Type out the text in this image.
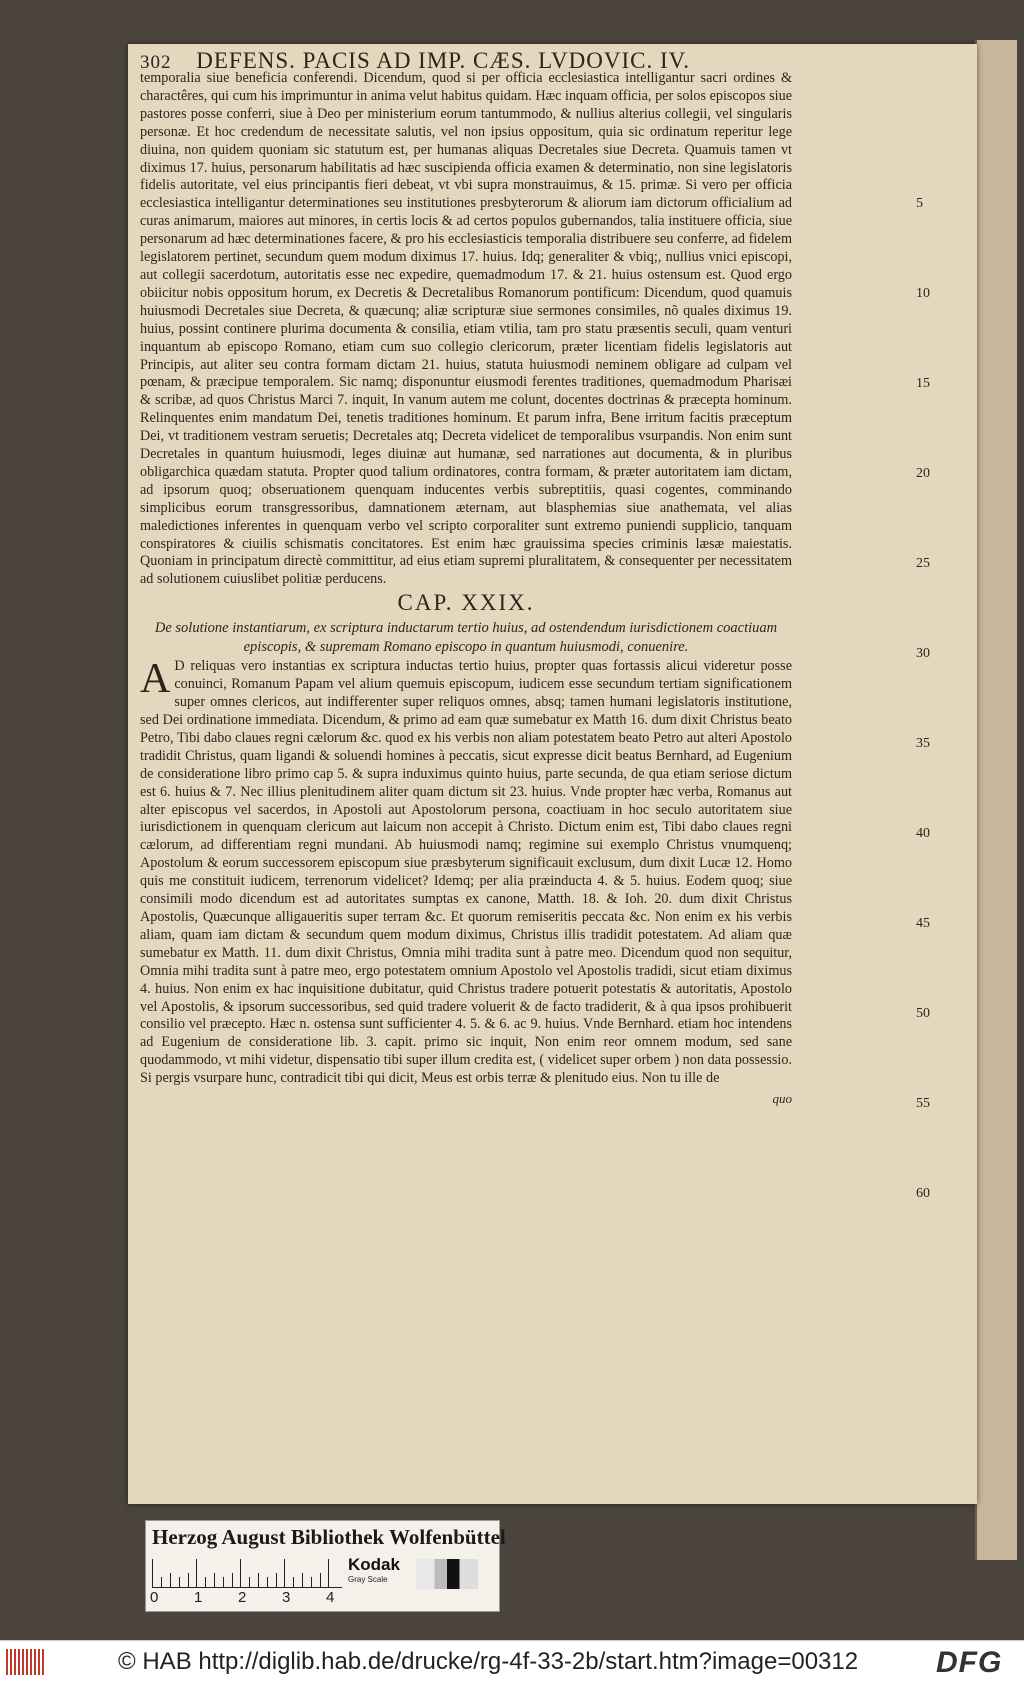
302 DEFENS. PACIS AD IMP. CÆS. LVDOVIC. IV.

temporalia siue beneficia conferendi. Dicendum, quod si per officia ecclesiastica intelligantur sacri ordines & charactêres, qui cum his imprimuntur in anima velut habitus quidam. Hæc inquam officia, per solos episcopos siue pastores posse conferri, siue à Deo per ministerium eorum tantummodo, & nullius alterius collegii, vel singularis personæ. Et hoc credendum de necessitate salutis, vel non ipsius oppositum, quia sic ordinatum reperitur lege diuina, non quidem quoniam sic statutum est, per humanas aliquas Decretales siue Decreta. Quamuis tamen vt diximus 17. huius, personarum habilitatis ad hæc suscipienda officia examen & determinatio, non sine legislatoris fidelis autoritate, vel eius principantis fieri debeat, vt vbi supra monstrauimus, & 15. primæ. Si vero per officia ecclesiastica intelligantur determinationes seu institutiones presbyterorum & aliorum iam dictorum officialium ad curas animarum, maiores aut minores, in certis locis & ad certos populos gubernandos, talia instituere officia, siue personarum ad hæc determinationes facere, & pro his ecclesiasticis temporalia distribuere seu conferre, ad fidelem legislatorem pertinet, secundum quem modum diximus 17. huius. Idq; generaliter & vbiq;, nullius vnici episcopi, aut collegii sacerdotum, autoritatis esse nec expedire, quemadmodum 17. & 21. huius ostensum est. Quod ergo obiicitur nobis oppositum horum, ex Decretis & Decretalibus Romanorum pontificum: Dicendum, quod quamuis huiusmodi Decretales siue Decreta, & quæcunq; aliæ scripturæ siue sermones consimiles, nõ quales diximus 19. huius, possint continere plurima documenta & consilia, etiam vtilia, tam pro statu præsentis seculi, quam venturi inquantum ab episcopo Romano, etiam cum suo collegio clericorum, præter licentiam fidelis legislatoris aut Principis, aut aliter seu contra formam dictam 21. huius, statuta huiusmodi neminem obligare ad culpam vel pœnam, & præcipue temporalem. Sic namq; disponuntur eiusmodi ferentes traditiones, quemadmodum Pharisæi & scribæ, ad quos Christus Marci 7. inquit, In vanum autem me colunt, docentes doctrinas & præcepta hominum. Relinquentes enim mandatum Dei, tenetis traditiones hominum. Et parum infra, Bene irritum facitis præceptum Dei, vt traditionem vestram seruetis; Decretales atq; Decreta videlicet de temporalibus vsurpandis. Non enim sunt Decretales in quantum huiusmodi, leges diuinæ aut humanæ, sed narrationes aut documenta, & in pluribus obligarchica quædam statuta. Propter quod talium ordinatores, contra formam, & præter autoritatem iam dictam, ad ipsorum quoq; obseruationem quenquam inducentes verbis subreptitiis, quasi cogentes, comminando simplicibus eorum transgressoribus, damnationem æternam, aut blasphemias siue anathemata, vel alias maledictiones inferentes in quenquam verbo vel scripto corporaliter sunt extremo puniendi supplicio, tanquam conspiratores & ciuilis schismatis concitatores. Est enim hæc grauissima species criminis læsæ maiestatis. Quoniam in principatum directè committitur, ad eius etiam supremi pluralitatem, & consequenter per necessitatem ad solutionem cuiuslibet politiæ perducens.

CAP. XXIX.
De solutione instantiarum, ex scriptura inductarum tertio huius, ad ostendendum iurisdictionem coactiuam episcopis, & supremam Romano episcopo in quantum huiusmodi, conuenire.

A D reliquas vero instantias ex scriptura inductas tertio huius, propter quas fortassis alicui videretur posse conuinci, Romanum Papam vel alium quemuis episcopum, iudicem esse secundum tertiam significationem super omnes clericos, aut indifferenter super reliquos omnes, absq; tamen humani legislatoris institutione, sed Dei ordinatione immediata. Dicendum, & primo ad eam quæ sumebatur ex Matth 16. dum dixit Christus beato Petro, Tibi dabo claues regni cælorum &c. quod ex his verbis non aliam potestatem beato Petro aut alteri Apostolo tradidit Christus, quam ligandi & soluendi homines à peccatis, sicut expresse dicit beatus Bernhard, ad Eugenium de consideratione libro primo cap 5. & supra induximus quinto huius, parte secunda, de qua etiam seriose dictum est 6. huius & 7. Nec illius plenitudinem aliter quam dictum sit 23. huius. Vnde propter hæc verba, Romanus aut alter episcopus vel sacerdos, in Apostoli aut Apostolorum persona, coactiuam in hoc seculo autoritatem siue iurisdictionem in quenquam clericum aut laicum non accepit à Christo. Dictum enim est, Tibi dabo claues regni cælorum, ad differentiam regni mundani. Ab huiusmodi namq; regimine sui exemplo Christus vnumquenq; Apostolum & eorum successorem episcopum siue præsbyterum significauit exclusum, dum dixit Lucæ 12. Homo quis me constituit iudicem, terrenorum videlicet? Idemq; per alia præinducta 4. & 5. huius. Eodem quoq; siue consimili modo dicendum est ad autoritates sumptas ex canone, Matth. 18. & Ioh. 20. dum dixit Christus Apostolis, Quæcunque alligaueritis super terram &c. Et quorum remiseritis peccata &c. Non enim ex his verbis aliam, quam iam dictam & secundum quem modum diximus, Christus illis tradidit potestatem. Ad aliam quæ sumebatur ex Matth. 11. dum dixit Christus, Omnia mihi tradita sunt à patre meo. Dicendum quod non sequitur, Omnia mihi tradita sunt à patre meo, ergo potestatem omnium Apostolo vel Apostolis tradidi, sicut etiam diximus 4. huius. Non enim ex hac inquisitione dubitatur, quid Christus tradere potuerit potestatis & autoritatis, Apostolo vel Apostolis, & ipsorum successoribus, sed quid tradere voluerit & de facto tradiderit, & à qua ipsos prohibuerit consilio vel præcepto. Hæc n. ostensa sunt sufficienter 4. 5. & 6. ac 9. huius. Vnde Bernhard. etiam hoc intendens ad Eugenium de consideratione lib. 3. capit. primo sic inquit, Non enim reor omnem modum, sed sane quodammodo, vt mihi videtur, dispensatio tibi super illum credita est, ( videlicet super orbem ) non data possessio. Si pergis vsurpare hunc, contradicit tibi qui dicit, Meus est orbis terræ & plenitudo eius. Non tu ille de

quo
5
10
15
20
25
30
35
40
45
50
55
60
Herzog August Bibliothek Wolfenbüttel
0 1 2 3 4
Kodak
Gray Scale
© HAB http://diglib.hab.de/drucke/rg-4f-33-2b/start.htm?image=00312	DFG
